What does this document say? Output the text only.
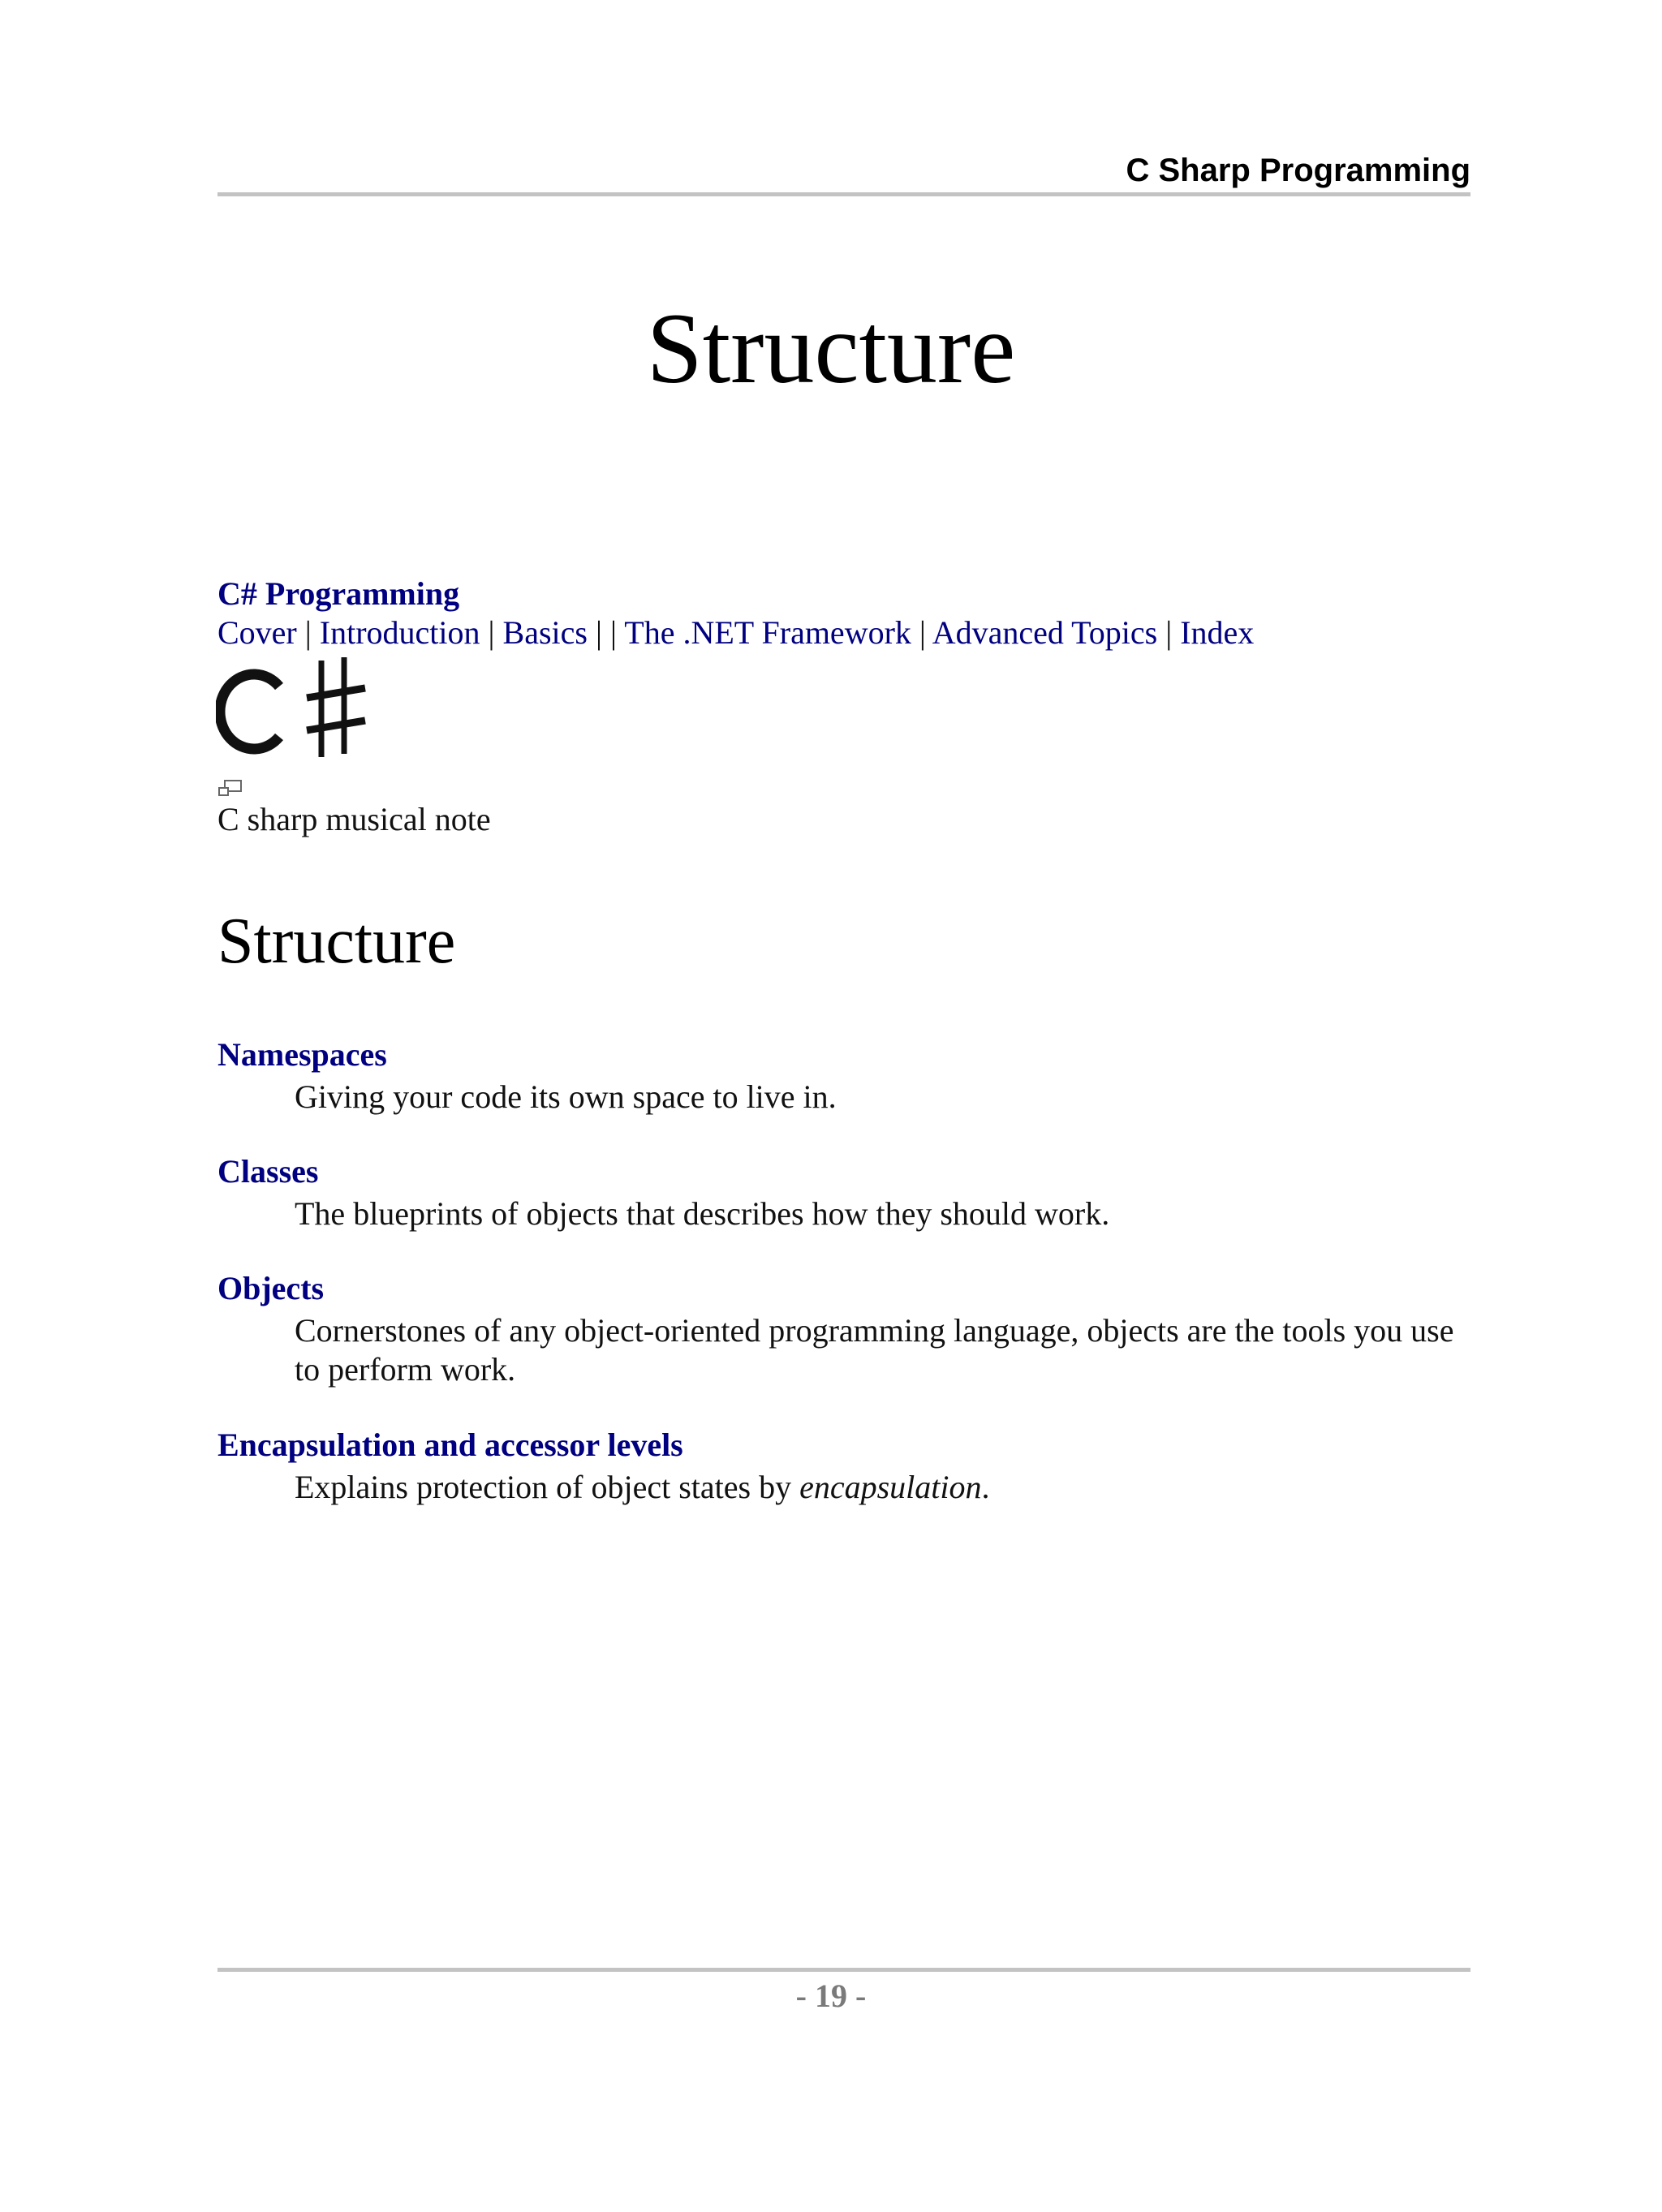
C Sharp Programming
Structure
C# Programming
Cover | Introduction | Basics | | The .NET Framework | Advanced Topics | Index
C sharp musical note
Structure
Namespaces
Giving your code its own space to live in.
Classes
The blueprints of objects that describes how they should work.
Objects
Cornerstones of any object-oriented programming language, objects are the tools you use to perform work.
Encapsulation and accessor levels
Explains protection of object states by encapsulation.
- 19 -
